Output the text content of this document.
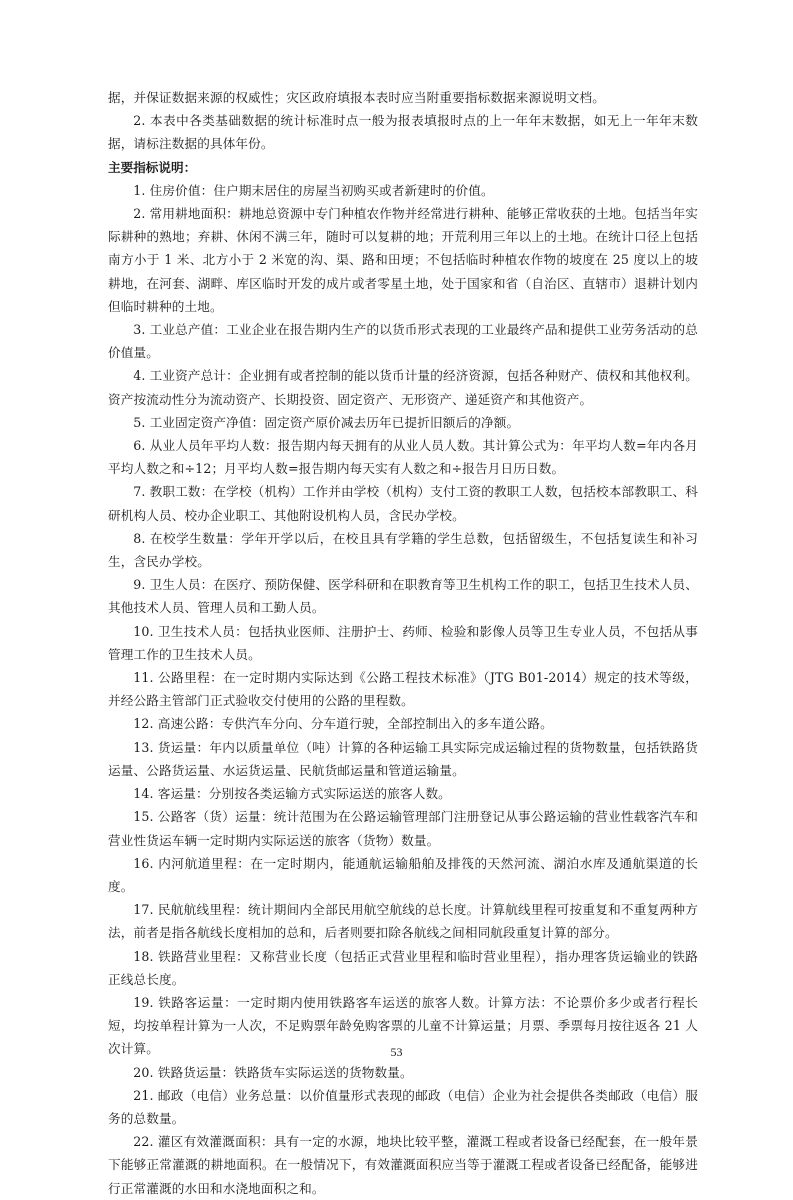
据，并保证数据来源的权威性；灾区政府填报本表时应当附重要指标数据来源说明文档。

2. 本表中各类基础数据的统计标准时点一般为报表填报时点的上一年年末数据，如无上一年年末数据，请标注数据的具体年份。

主要指标说明：

1. 住房价值：住户期末居住的房屋当初购买或者新建时的价值。

2. 常用耕地面积：耕地总资源中专门种植农作物并经常进行耕种、能够正常收获的土地。包括当年实际耕种的熟地；弃耕、休闲不满三年，随时可以复耕的地；开荒利用三年以上的土地。在统计口径上包括南方小于 1 米、北方小于 2 米宽的沟、渠、路和田埂；不包括临时种植农作物的坡度在 25 度以上的坡耕地，在河套、湖畔、库区临时开发的成片或者零星土地，处于国家和省（自治区、直辖市）退耕计划内但临时耕种的土地。

3. 工业总产值：工业企业在报告期内生产的以货币形式表现的工业最终产品和提供工业劳务活动的总价值量。

4. 工业资产总计：企业拥有或者控制的能以货币计量的经济资源，包括各种财产、债权和其他权利。资产按流动性分为流动资产、长期投资、固定资产、无形资产、递延资产和其他资产。

5. 工业固定资产净值：固定资产原价减去历年已提折旧额后的净额。

6. 从业人员年平均人数：报告期内每天拥有的从业人员人数。其计算公式为：年平均人数=年内各月平均人数之和÷12；月平均人数=报告期内每天实有人数之和÷报告月日历日数。

7. 教职工数：在学校（机构）工作并由学校（机构）支付工资的教职工人数，包括校本部教职工、科研机构人员、校办企业职工、其他附设机构人员，含民办学校。

8. 在校学生数量：学年开学以后，在校且具有学籍的学生总数，包括留级生，不包括复读生和补习生，含民办学校。

9. 卫生人员：在医疗、预防保健、医学科研和在职教育等卫生机构工作的职工，包括卫生技术人员、其他技术人员、管理人员和工勤人员。

10. 卫生技术人员：包括执业医师、注册护士、药师、检验和影像人员等卫生专业人员，不包括从事管理工作的卫生技术人员。

11. 公路里程：在一定时期内实际达到《公路工程技术标准》（JTG B01-2014）规定的技术等级，并经公路主管部门正式验收交付使用的公路的里程数。

12. 高速公路：专供汽车分向、分车道行驶，全部控制出入的多车道公路。

13. 货运量：年内以质量单位（吨）计算的各种运输工具实际完成运输过程的货物数量，包括铁路货运量、公路货运量、水运货运量、民航货邮运量和管道运输量。

14. 客运量：分别按各类运输方式实际运送的旅客人数。

15. 公路客（货）运量：统计范围为在公路运输管理部门注册登记从事公路运输的营业性载客汽车和营业性货运车辆一定时期内实际运送的旅客（货物）数量。

16. 内河航道里程：在一定时期内，能通航运输船舶及排筏的天然河流、湖泊水库及通航渠道的长度。

17. 民航航线里程：统计期间内全部民用航空航线的总长度。计算航线里程可按重复和不重复两种方法，前者是指各航线长度相加的总和，后者则要扣除各航线之间相同航段重复计算的部分。

18. 铁路营业里程：又称营业长度（包括正式营业里程和临时营业里程），指办理客货运输业的铁路正线总长度。

19. 铁路客运量：一定时期内使用铁路客车运送的旅客人数。计算方法：不论票价多少或者行程长短，均按单程计算为一人次，不足购票年龄免购客票的儿童不计算运量；月票、季票每月按往返各 21 人次计算。

20. 铁路货运量：铁路货车实际运送的货物数量。

21. 邮政（电信）业务总量：以价值量形式表现的邮政（电信）企业为社会提供各类邮政（电信）服务的总数量。

22. 灌区有效灌溉面积：具有一定的水源，地块比较平整，灌溉工程或者设备已经配套，在一般年景下能够正常灌溉的耕地面积。在一般情况下，有效灌溉面积应当等于灌溉工程或者设备已经配备，能够进行正常灌溉的水田和水浇地面积之和。

53
